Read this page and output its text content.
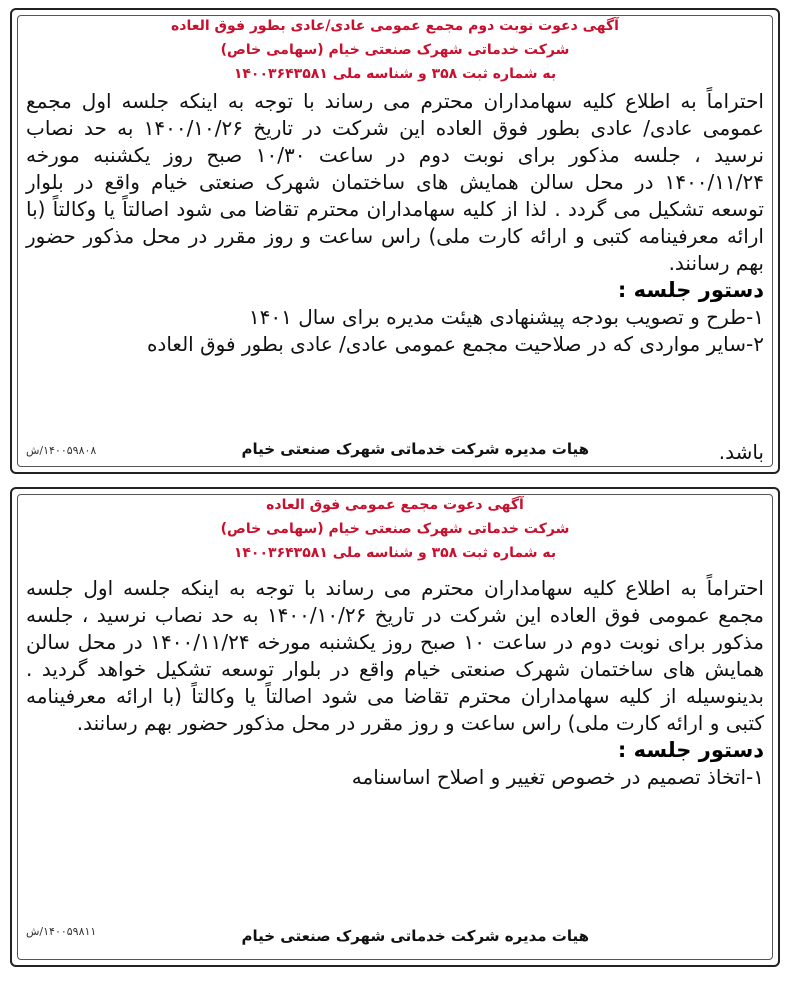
آگهی دعوت نوبت دوم مجمع عمومی عادی/عادی بطور فوق العاده

شرکت خدماتی شهرک صنعتی خیام (سهامی خاص)

به شماره ثبت ۳۵۸ و شناسه ملی ۱۴۰۰۳۶۴۳۵۸۱

احتراماً به اطلاع کلیه سهامداران محترم می رساند با توجه به اینکه جلسه اول مجمع عمومی عادی/ عادی بطور فوق العاده این شرکت در تاریخ ۱۴۰۰/۱۰/۲۶ به حد نصاب نرسید ، جلسه مذکور برای نوبت دوم در ساعت ۱۰/۳۰ صبح روز یکشنبه مورخه ۱۴۰۰/۱۱/۲۴ در محل سالن همایش های ساختمان شهرک صنعتی خیام واقع در بلوار توسعه تشکیل می گردد . لذا از کلیه سهامداران محترم تقاضا می شود اصالتاً یا وکالتاً (با ارائه معرفینامه کتبی و ارائه کارت ملی) راس ساعت و روز مقرر در محل مذکور حضور بهم رسانند.

دستور جلسه :

۱-طرح و تصویب بودجه پیشنهادی هیئت مدیره برای سال ۱۴۰۱

۲-سایر مواردی که در صلاحیت مجمع عمومی عادی/ عادی بطور فوق العاده

باشد.
هیات مدیره شرکت خدماتی شهرک صنعتی خیام
۱۴۰۰۵۹۸۰۸/ش

آگهی دعوت مجمع عمومی فوق العاده

شرکت خدماتی شهرک صنعتی خیام (سهامی خاص)

به شماره ثبت ۳۵۸ و شناسه ملی ۱۴۰۰۳۶۴۳۵۸۱

احتراماً به اطلاع کلیه سهامداران محترم می رساند با توجه به اینکه جلسه اول جلسه مجمع عمومی فوق العاده این شرکت در تاریخ ۱۴۰۰/۱۰/۲۶ به حد نصاب نرسید ، جلسه مذکور برای نوبت دوم در ساعت ۱۰ صبح روز یکشنبه مورخه ۱۴۰۰/۱۱/۲۴ در محل سالن همایش های ساختمان شهرک صنعتی خیام واقع در بلوار توسعه تشکیل خواهد گردید . بدینوسیله از کلیه سهامداران محترم تقاضا می شود اصالتاً یا وکالتاً (با ارائه معرفینامه کتبی و ارائه کارت ملی) راس ساعت و روز مقرر در محل مذکور حضور بهم رسانند.

دستور جلسه :

۱-اتخاذ تصمیم در خصوص تغییر و اصلاح اساسنامه

هیات مدیره شرکت خدماتی شهرک صنعتی خیام
۱۴۰۰۵۹۸۱۱/ش
